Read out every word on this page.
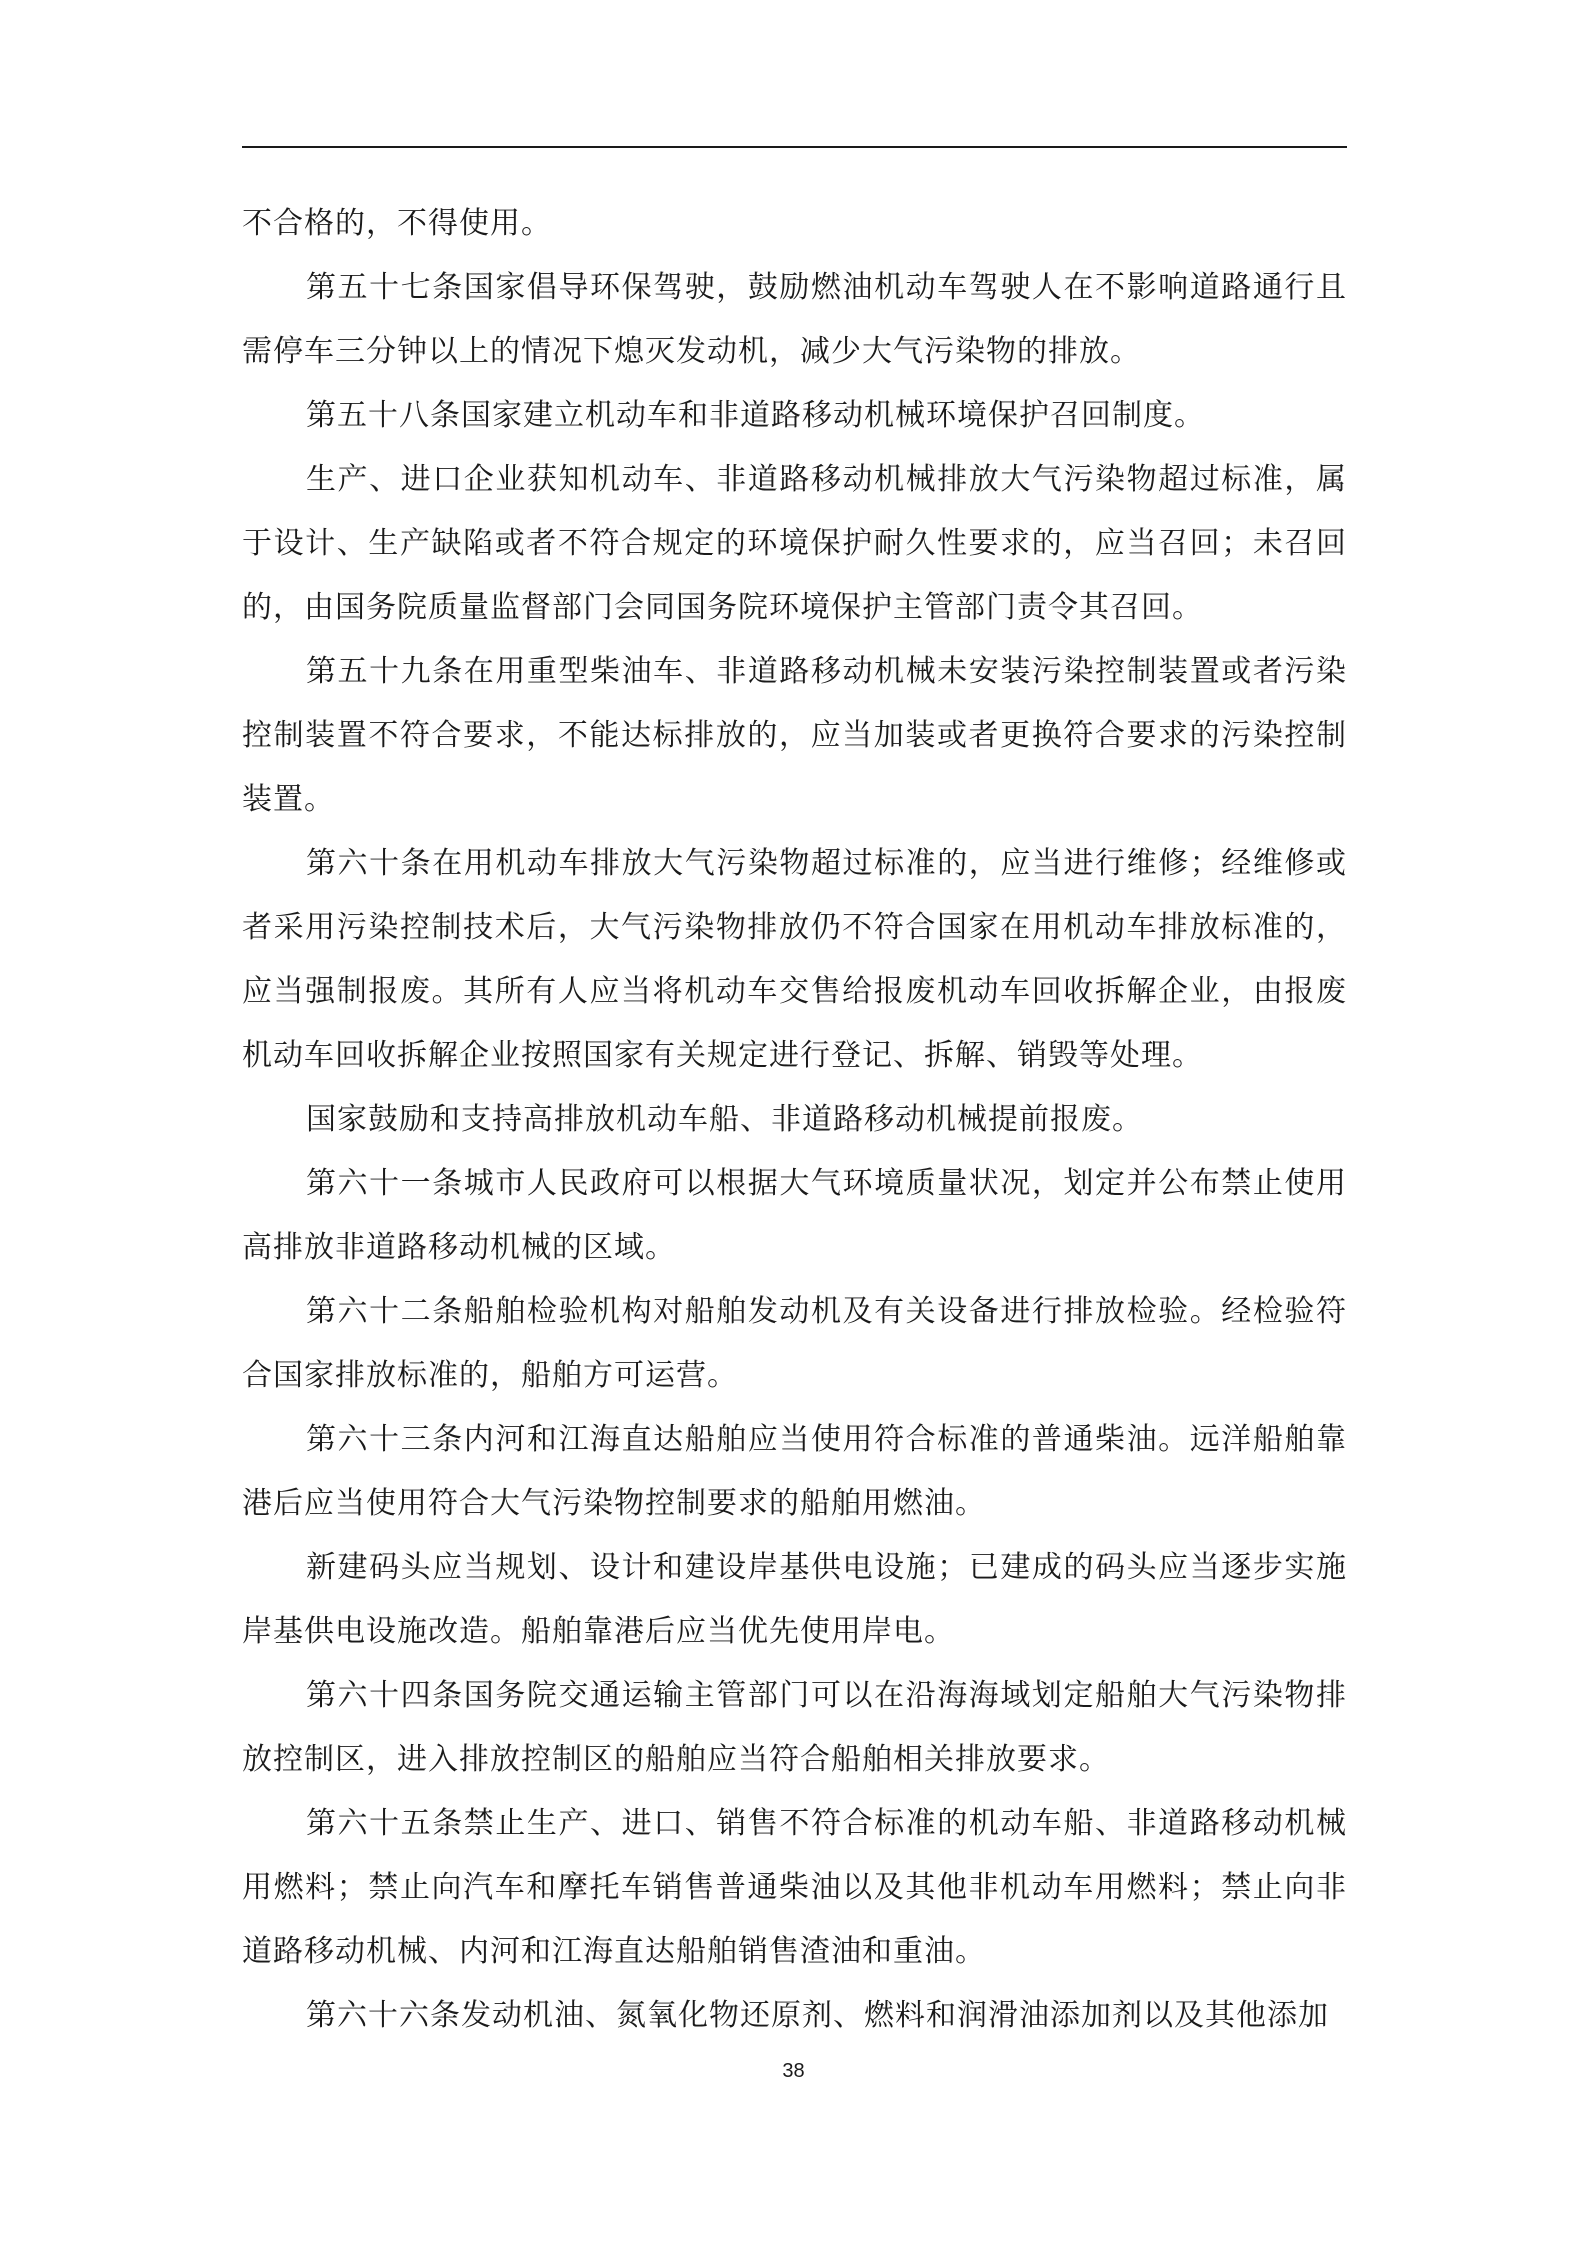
不合格的，不得使用。

第五十七条国家倡导环保驾驶，鼓励燃油机动车驾驶人在不影响道路通行且需停车三分钟以上的情况下熄灭发动机，减少大气污染物的排放。

第五十八条国家建立机动车和非道路移动机械环境保护召回制度。

生产、进口企业获知机动车、非道路移动机械排放大气污染物超过标准，属于设计、生产缺陷或者不符合规定的环境保护耐久性要求的，应当召回；未召回的，由国务院质量监督部门会同国务院环境保护主管部门责令其召回。

第五十九条在用重型柴油车、非道路移动机械未安装污染控制装置或者污染控制装置不符合要求，不能达标排放的，应当加装或者更换符合要求的污染控制装置。

第六十条在用机动车排放大气污染物超过标准的，应当进行维修；经维修或者采用污染控制技术后，大气污染物排放仍不符合国家在用机动车排放标准的，应当强制报废。其所有人应当将机动车交售给报废机动车回收拆解企业，由报废机动车回收拆解企业按照国家有关规定进行登记、拆解、销毁等处理。

国家鼓励和支持高排放机动车船、非道路移动机械提前报废。

第六十一条城市人民政府可以根据大气环境质量状况，划定并公布禁止使用高排放非道路移动机械的区域。

第六十二条船舶检验机构对船舶发动机及有关设备进行排放检验。经检验符合国家排放标准的，船舶方可运营。

第六十三条内河和江海直达船舶应当使用符合标准的普通柴油。远洋船舶靠港后应当使用符合大气污染物控制要求的船舶用燃油。

新建码头应当规划、设计和建设岸基供电设施；已建成的码头应当逐步实施岸基供电设施改造。船舶靠港后应当优先使用岸电。

第六十四条国务院交通运输主管部门可以在沿海海域划定船舶大气污染物排放控制区，进入排放控制区的船舶应当符合船舶相关排放要求。

第六十五条禁止生产、进口、销售不符合标准的机动车船、非道路移动机械用燃料；禁止向汽车和摩托车销售普通柴油以及其他非机动车用燃料；禁止向非道路移动机械、内河和江海直达船舶销售渣油和重油。

第六十六条发动机油、氮氧化物还原剂、燃料和润滑油添加剂以及其他添加

38
